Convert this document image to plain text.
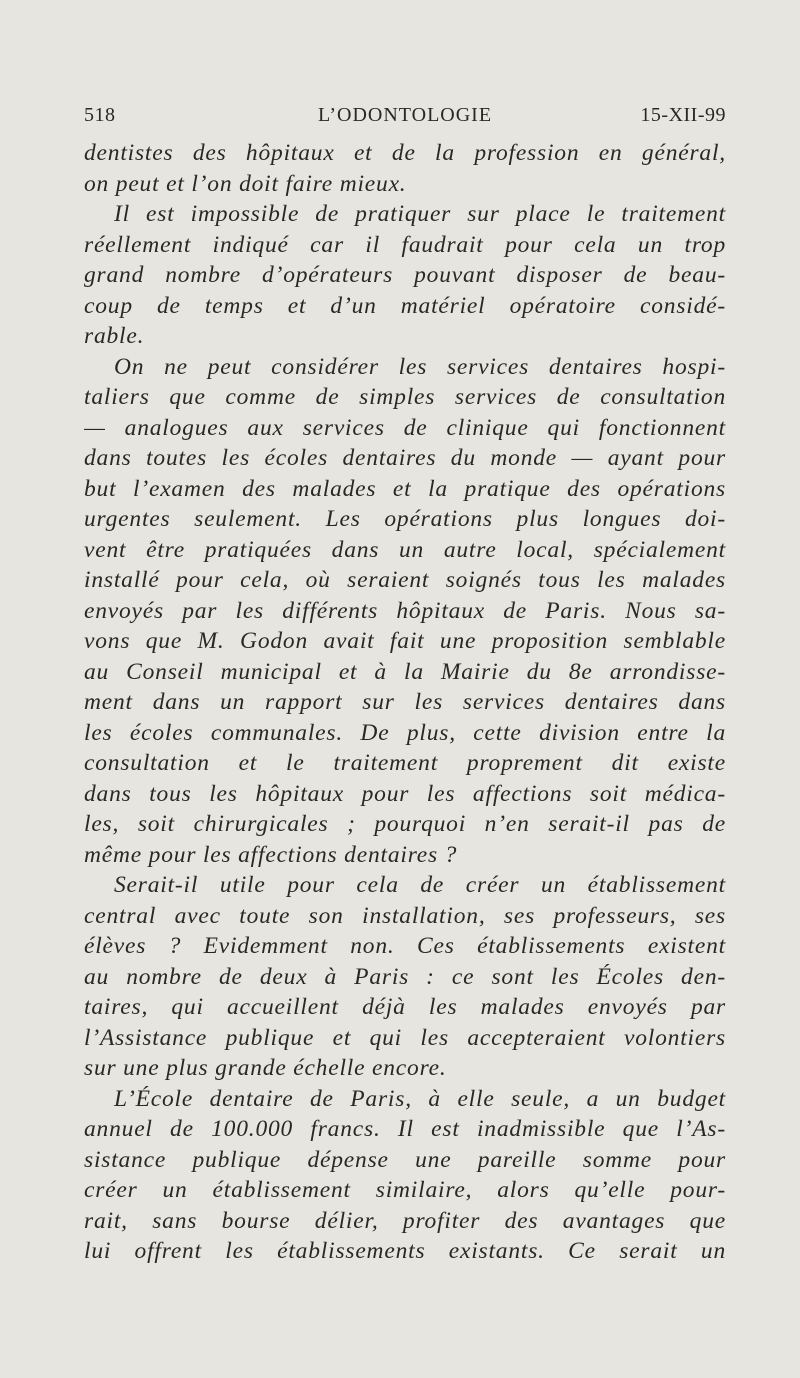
518	L’ODONTOLOGIE	15-XII-99
dentistes des hôpitaux et de la profession en général,
on peut et l’on doit faire mieux.
Il est impossible de pratiquer sur place le traitement
réellement indiqué car il faudrait pour cela un trop
grand nombre d’opérateurs pouvant disposer de beau-
coup de temps et d’un matériel opératoire considé-
rable.
On ne peut considérer les services dentaires hospi-
taliers que comme de simples services de consultation
— analogues aux services de clinique qui fonctionnent
dans toutes les écoles dentaires du monde — ayant pour
but l’examen des malades et la pratique des opérations
urgentes seulement. Les opérations plus longues doi-
vent être pratiquées dans un autre local, spécialement
installé pour cela, où seraient soignés tous les malades
envoyés par les différents hôpitaux de Paris. Nous sa-
vons que M. Godon avait fait une proposition semblable
au Conseil municipal et à la Mairie du 8e arrondisse-
ment dans un rapport sur les services dentaires dans
les écoles communales. De plus, cette division entre la
consultation et le traitement proprement dit existe
dans tous les hôpitaux pour les affections soit médica-
les, soit chirurgicales ; pourquoi n’en serait-il pas de
même pour les affections dentaires ?
Serait-il utile pour cela de créer un établissement
central avec toute son installation, ses professeurs, ses
élèves ? Evidemment non. Ces établissements existent
au nombre de deux à Paris : ce sont les Écoles den-
taires, qui accueillent déjà les malades envoyés par
l’Assistance publique et qui les accepteraient volontiers
sur une plus grande échelle encore.
L’École dentaire de Paris, à elle seule, a un budget
annuel de 100.000 francs. Il est inadmissible que l’As-
sistance publique dépense une pareille somme pour
créer un établissement similaire, alors qu’elle pour-
rait, sans bourse délier, profiter des avantages que
lui offrent les établissements existants. Ce serait un
